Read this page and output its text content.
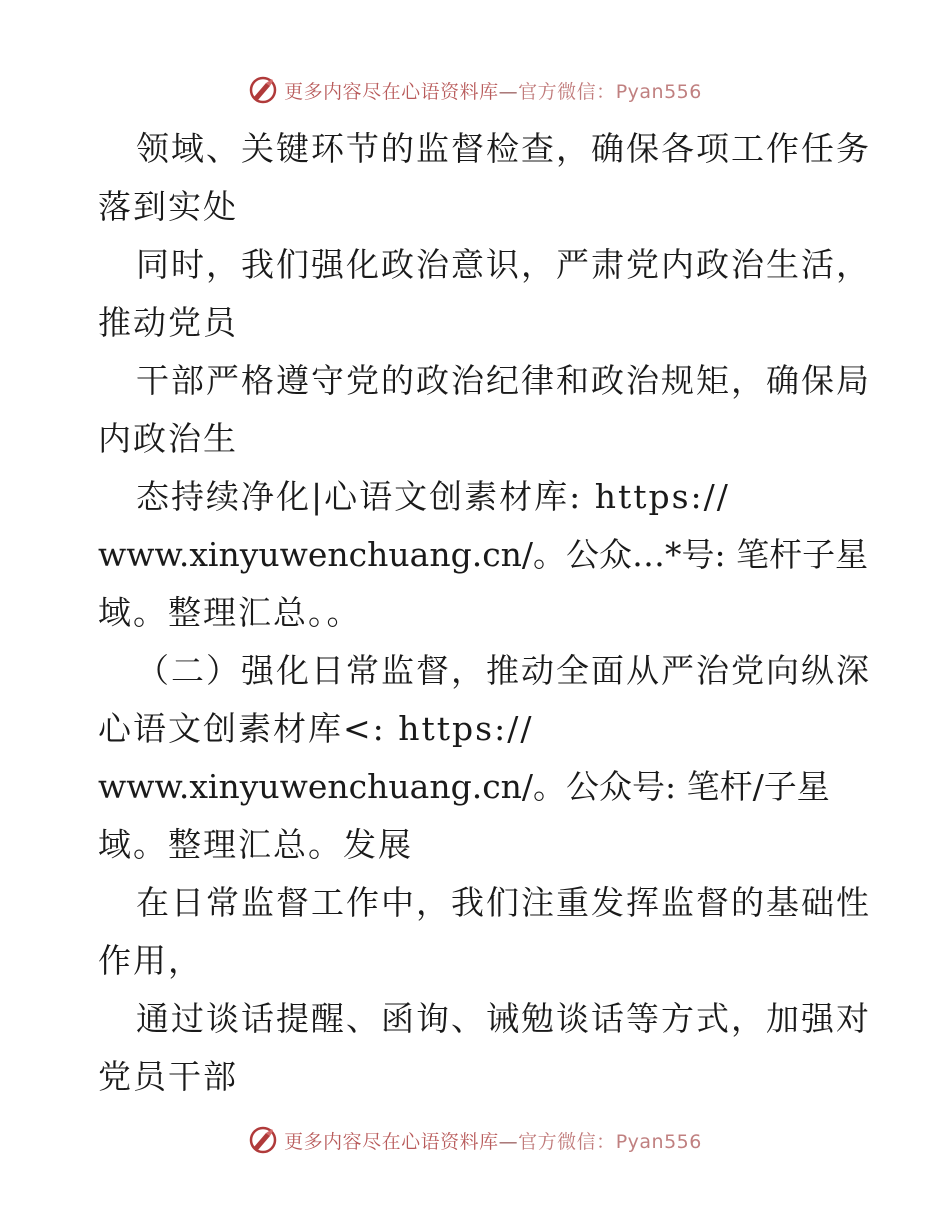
更多内容尽在心语资料库—官方微信：Pyan556
领域、关键环节的监督检查，确保各项工作任务
落到实处
同时，我们强化政治意识，严肃党内政治生活，
推动党员
干部严格遵守党的政治纪律和政治规矩，确保局
内政治生
态持续净化|心语文创素材库: https://
www.xinyuwenchuang.cn/。公众…*号: 笔杆子星
域。整理汇总。。
（二）强化日常监督，推动全面从严治党向纵深
心语文创素材库<: https://
www.xinyuwenchuang.cn/。公众号: 笔杆/子星
域。整理汇总。发展
在日常监督工作中，我们注重发挥监督的基础性
作用，
通过谈话提醒、函询、诫勉谈话等方式，加强对
党员干部
更多内容尽在心语资料库—官方微信：Pyan556
